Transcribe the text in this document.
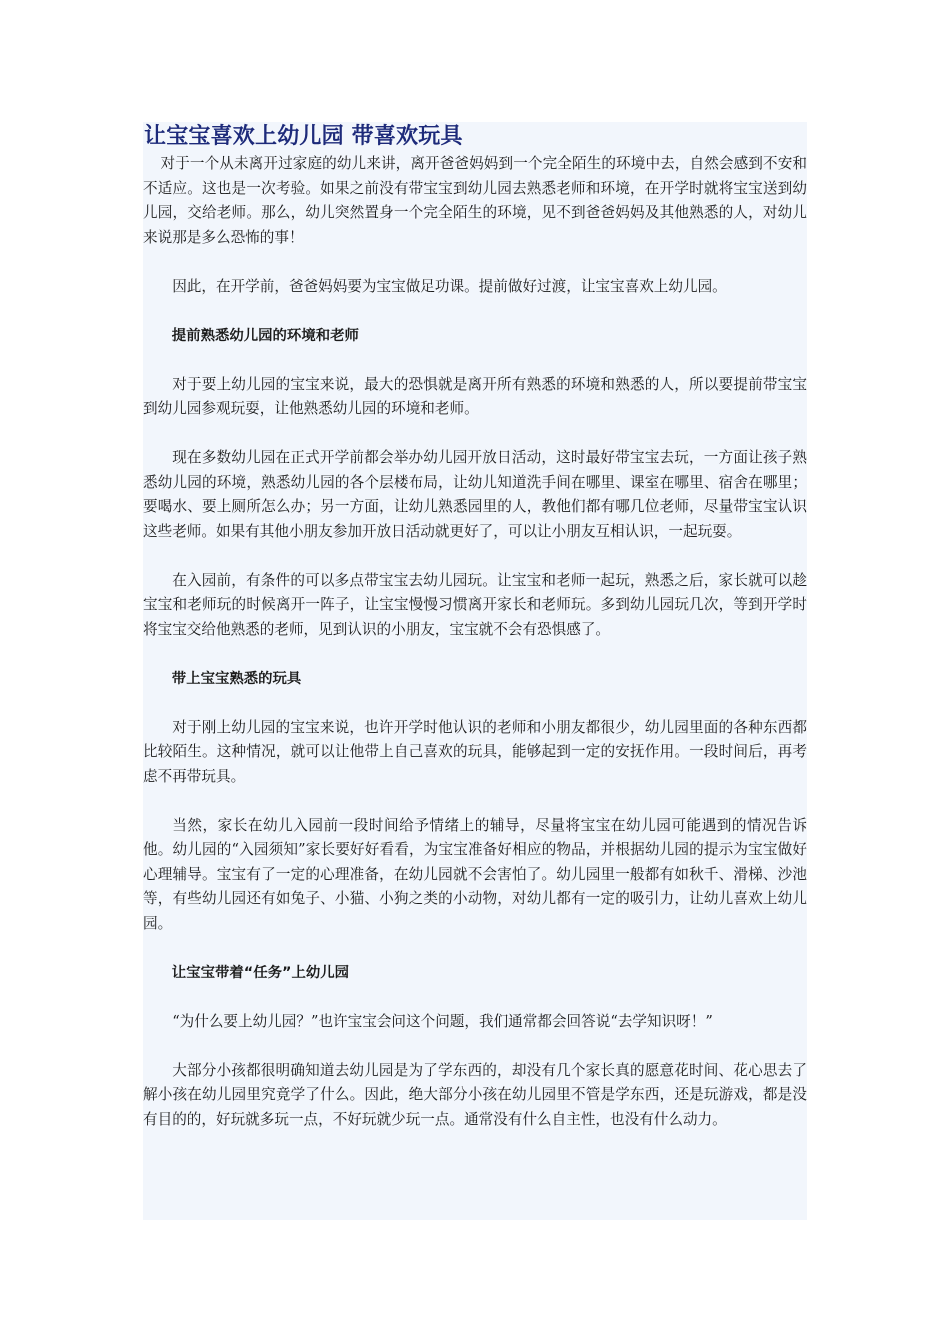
让宝宝喜欢上幼儿园 带喜欢玩具

对于一个从未离开过家庭的幼儿来讲，离开爸爸妈妈到一个完全陌生的环境中去，自然会感到不安和不适应。这也是一次考验。如果之前没有带宝宝到幼儿园去熟悉老师和环境，在开学时就将宝宝送到幼儿园，交给老师。那么，幼儿突然置身一个完全陌生的环境，见不到爸爸妈妈及其他熟悉的人，对幼儿来说那是多么恐怖的事！

因此，在开学前，爸爸妈妈要为宝宝做足功课。提前做好过渡，让宝宝喜欢上幼儿园。

提前熟悉幼儿园的环境和老师

对于要上幼儿园的宝宝来说，最大的恐惧就是离开所有熟悉的环境和熟悉的人，所以要提前带宝宝到幼儿园参观玩耍，让他熟悉幼儿园的环境和老师。

现在多数幼儿园在正式开学前都会举办幼儿园开放日活动，这时最好带宝宝去玩，一方面让孩子熟悉幼儿园的环境，熟悉幼儿园的各个层楼布局，让幼儿知道洗手间在哪里、课室在哪里、宿舍在哪里；要喝水、要上厕所怎么办；另一方面，让幼儿熟悉园里的人，教他们都有哪几位老师，尽量带宝宝认识这些老师。如果有其他小朋友参加开放日活动就更好了，可以让小朋友互相认识，一起玩耍。

在入园前，有条件的可以多点带宝宝去幼儿园玩。让宝宝和老师一起玩，熟悉之后，家长就可以趁宝宝和老师玩的时候离开一阵子，让宝宝慢慢习惯离开家长和老师玩。多到幼儿园玩几次，等到开学时将宝宝交给他熟悉的老师，见到认识的小朋友，宝宝就不会有恐惧感了。

带上宝宝熟悉的玩具

对于刚上幼儿园的宝宝来说，也许开学时他认识的老师和小朋友都很少，幼儿园里面的各种东西都比较陌生。这种情况，就可以让他带上自己喜欢的玩具，能够起到一定的安抚作用。一段时间后，再考虑不再带玩具。

当然，家长在幼儿入园前一段时间给予情绪上的辅导，尽量将宝宝在幼儿园可能遇到的情况告诉他。幼儿园的“入园须知”家长要好好看看，为宝宝准备好相应的物品，并根据幼儿园的提示为宝宝做好心理辅导。宝宝有了一定的心理准备，在幼儿园就不会害怕了。幼儿园里一般都有如秋千、滑梯、沙池等，有些幼儿园还有如兔子、小猫、小狗之类的小动物，对幼儿都有一定的吸引力，让幼儿喜欢上幼儿园。

让宝宝带着“任务”上幼儿园

“为什么要上幼儿园？”也许宝宝会问这个问题，我们通常都会回答说“去学知识呀！”

大部分小孩都很明确知道去幼儿园是为了学东西的，却没有几个家长真的愿意花时间、花心思去了解小孩在幼儿园里究竟学了什么。因此，绝大部分小孩在幼儿园里不管是学东西，还是玩游戏，都是没有目的的，好玩就多玩一点，不好玩就少玩一点。通常没有什么自主性，也没有什么动力。
